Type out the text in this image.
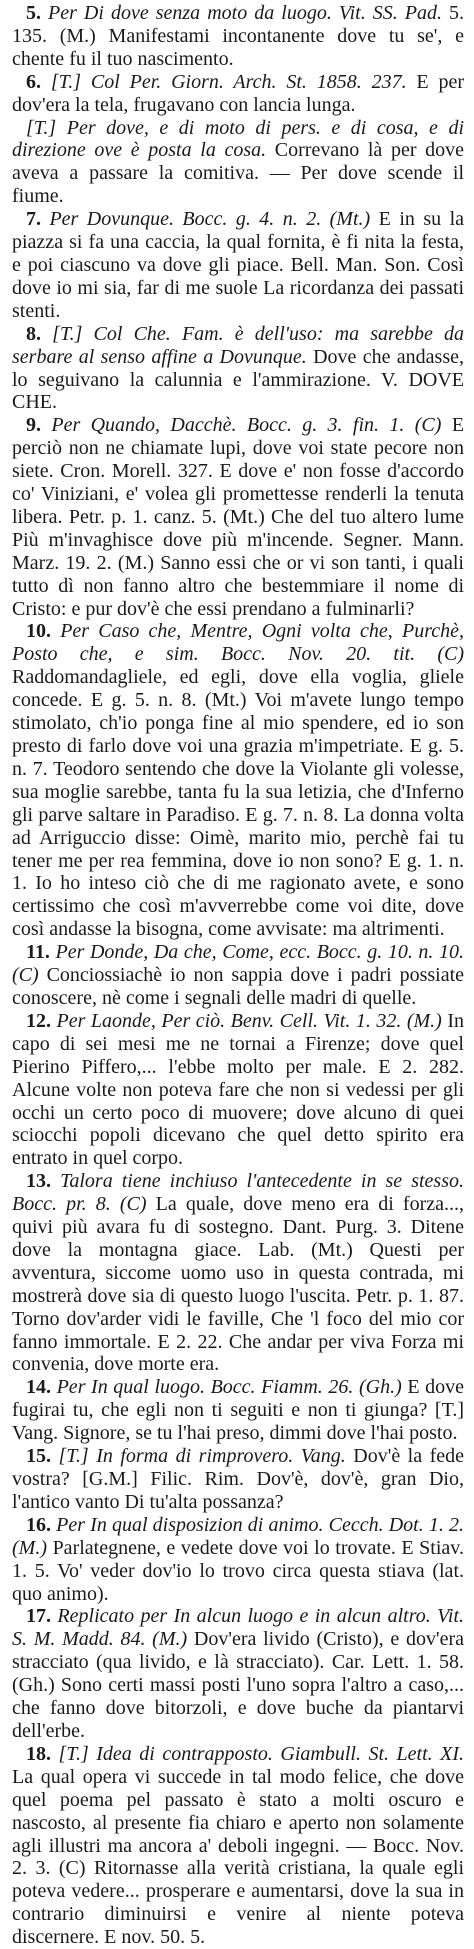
5. Per Di dove senza moto da luogo. Vit. SS. Pad. 5. 135. (M.) Manifestami incontanente dove tu se', e chente fu il tuo nascimento.

6. [T.] Col Per. Giorn. Arch. St. 1858. 237. E per dov'era la tela, frugavano con lancia lunga.

[T.] Per dove, e di moto di pers. e di cosa, e di direzione ove è posta la cosa. Correvano là per dove aveva a passare la comitiva. — Per dove scende il fiume.

7. Per Dovunque. Bocc. g. 4. n. 2. (Mt.) E in su la piazza si fa una caccia, la qual fornita, è fi nita la festa, e poi ciascuno va dove gli piace. Bell. Man. Son. Così dove io mi sia, far di me suole La ricordanza dei passati stenti.

8. [T.] Col Che. Fam. è dell'uso: ma sarebbe da serbare al senso affine a Dovunque. Dove che andasse, lo seguivano la calunnia e l'ammirazione. V. DOVE CHE.

9. Per Quando, Dacchè. Bocc. g. 3. fin. 1. (C) E perciò non ne chiamate lupi, dove voi state pecore non siete. Cron. Morell. 327. E dove e' non fosse d'accordo co' Viniziani, e' volea gli promettesse renderli la tenuta libera. Petr. p. 1. canz. 5. (Mt.) Che del tuo altero lume Più m'invaghisce dove più m'incende. Segner. Mann. Marz. 19. 2. (M.) Sanno essi che or vi son tanti, i quali tutto dì non fanno altro che bestemmiare il nome di Cristo: e pur dov'è che essi prendano a fulminarli?

10. Per Caso che, Mentre, Ogni volta che, Purchè, Posto che, e sim. Bocc. Nov. 20. tit. (C) Raddomandagliele, ed egli, dove ella voglia, gliele concede. E g. 5. n. 8. (Mt.) Voi m'avete lungo tempo stimolato, ch'io ponga fine al mio spendere, ed io son presto di farlo dove voi una grazia m'impetriate. E g. 5. n. 7. Teodoro sentendo che dove la Violante gli volesse, sua moglie sarebbe, tanta fu la sua letizia, che d'Inferno gli parve saltare in Paradiso. E g. 7. n. 8. La donna volta ad Arriguccio disse: Oimè, marito mio, perchè fai tu tener me per rea femmina, dove io non sono? E g. 1. n. 1. Io ho inteso ciò che di me ragionato avete, e sono certissimo che così m'avverrebbe come voi dite, dove così andasse la bisogna, come avvisate: ma altrimenti.

11. Per Donde, Da che, Come, ecc. Bocc. g. 10. n. 10. (C) Conciossiachè io non sappia dove i padri possiate conoscere, nè come i segnali delle madri di quelle.

12. Per Laonde, Per ciò. Benv. Cell. Vit. 1. 32. (M.) In capo di sei mesi me ne tornai a Firenze; dove quel Pierino Piffero,... l'ebbe molto per male. E 2. 282. Alcune volte non poteva fare che non si vedessi per gli occhi un certo poco di muovere; dove alcuno di quei sciocchi popoli dicevano che quel detto spirito era entrato in quel corpo.

13. Talora tiene inchiuso l'antecedente in se stesso. Bocc. pr. 8. (C) La quale, dove meno era di forza..., quivi più avara fu di sostegno. Dant. Purg. 3. Ditene dove la montagna giace. Lab. (Mt.) Questi per avventura, siccome uomo uso in questa contrada, mi mostrerà dove sia di questo luogo l'uscita. Petr. p. 1. 87. Torno dov'arder vidi le faville, Che 'l foco del mio cor fanno immortale. E 2. 22. Che andar per viva Forza mi convenia, dove morte era.

14. Per In qual luogo. Bocc. Fiamm. 26. (Gh.) E dove fugirai tu, che egli non ti seguiti e non ti giunga? [T.] Vang. Signore, se tu l'hai preso, dimmi dove l'hai posto.

15. [T.] In forma di rimprovero. Vang. Dov'è la fede vostra? [G.M.] Filic. Rim. Dov'è, dov'è, gran Dio, l'antico vanto Di tu'alta possanza?

16. Per In qual disposizion di animo. Cecch. Dot. 1. 2. (M.) Parlategnene, e vedete dove voi lo trovate. E Stiav. 1. 5. Vo' veder dov'io lo trovo circa questa stiava (lat. quo animo).

17. Replicato per In alcun luogo e in alcun altro. Vit. S. M. Madd. 84. (M.) Dov'era livido (Cristo), e dov'era stracciato (qua livido, e là stracciato). Car. Lett. 1. 58. (Gh.) Sono certi massi posti l'uno sopra l'altro a caso,... che fanno dove bitorzoli, e dove buche da piantarvi dell'erbe.

18. [T.] Idea di contrapposto. Giambull. St. Lett. XI. La qual opera vi succede in tal modo felice, che dove quel poema pel passato è stato a molti oscuro e nascosto, al presente fia chiaro e aperto non solamente agli illustri ma ancora a' deboli ingegni. — Bocc. Nov. 2. 3. (C) Ritornasse alla verità cristiana, la quale egli poteva vedere... prosperare e aumentarsi, dove la sua in contrario diminuirsi e venire al niente poteva discernere. E nov. 50. 5.
